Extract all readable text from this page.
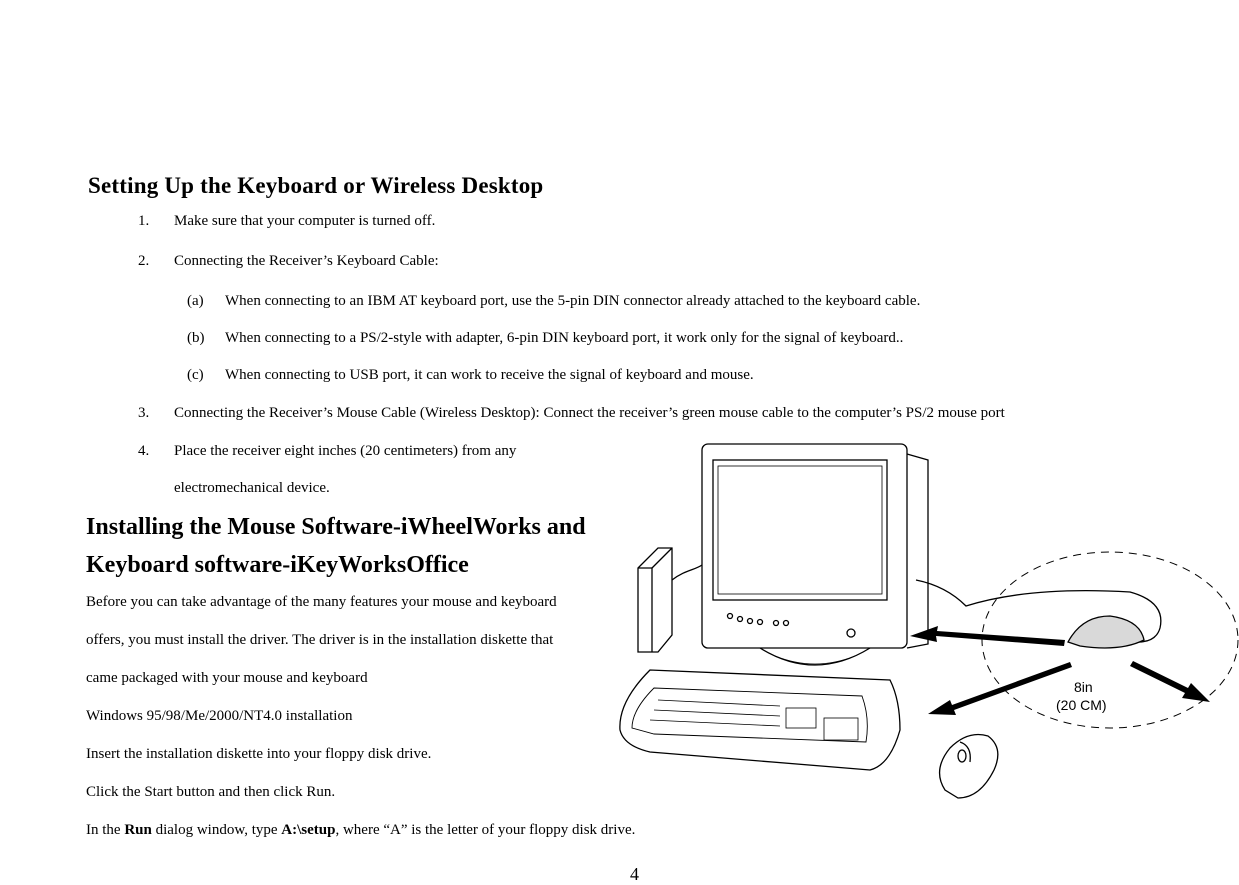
Setting Up the Keyboard or Wireless Desktop
1. Make sure that your computer is turned off.
2. Connecting the Receiver’s Keyboard Cable:
(a) When connecting to an IBM AT keyboard port, use the 5-pin DIN connector already attached to the keyboard cable.
(b) When connecting to a PS/2-style with adapter, 6-pin DIN keyboard port, it work only for the signal of keyboard..
(c) When connecting to USB port, it can work to receive the signal of keyboard and mouse.
3. Connecting the Receiver’s Mouse Cable (Wireless Desktop): Connect the receiver’s green mouse cable to the computer’s PS/2 mouse port
4. Place the receiver eight inches (20 centimeters) from any
electromechanical device.
Installing the Mouse Software-iWheelWorks and
Keyboard software-iKeyWorksOffice
Before you can take advantage of the many features your mouse and keyboard
offers, you must install the driver. The driver is in the installation diskette that
came packaged with your mouse and keyboard
Windows 95/98/Me/2000/NT4.0 installation
Insert the installation diskette into your floppy disk drive.
Click the Start button and then click Run.
In the Run dialog window, type A:\setup, where “A” is the letter of your floppy disk drive.
4
8in
(20 CM)
